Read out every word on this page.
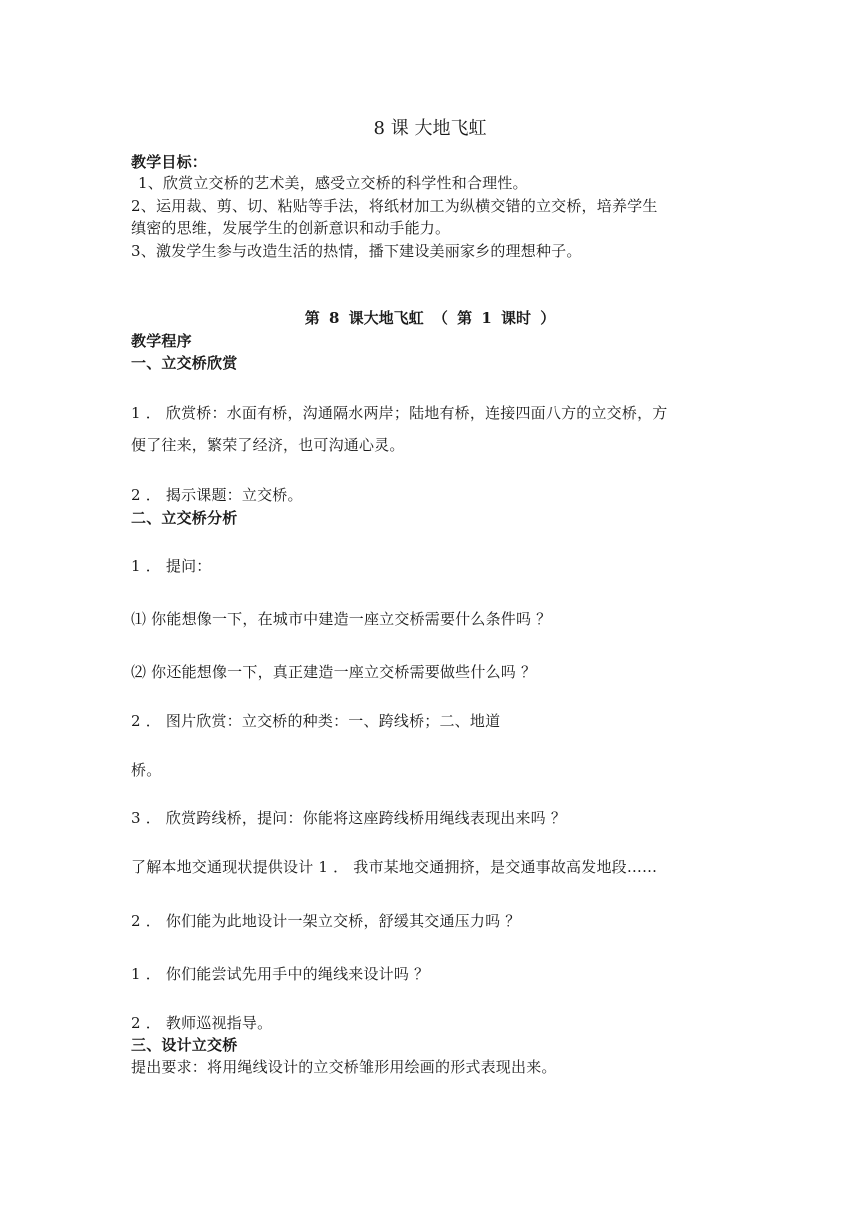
8 课 大地飞虹
教学目标：
1、欣赏立交桥的艺术美，感受立交桥的科学性和合理性。
2、运用裁、剪、切、粘贴等手法，将纸材加工为纵横交错的立交桥，培养学生
缜密的思维，发展学生的创新意识和动手能力。
3、激发学生参与改造生活的热情，播下建设美丽家乡的理想种子。
第 8 课大地飞虹 （ 第 1 课时 ）
教学程序
一、立交桥欣赏
1 ． 欣赏桥：水面有桥，沟通隔水两岸；陆地有桥，连接四面八方的立交桥，方
便了往来，繁荣了经济，也可沟通心灵。
2 ． 揭示课题：立交桥。
二、立交桥分析
1 ． 提问：
⑴ 你能想像一下，在城市中建造一座立交桥需要什么条件吗 ？
⑵ 你还能想像一下，真正建造一座立交桥需要做些什么吗 ？
2 ． 图片欣赏：立交桥的种类：一、跨线桥；二、地道
桥。
3 ． 欣赏跨线桥，提问：你能将这座跨线桥用绳线表现出来吗 ？
了解本地交通现状提供设计 1 ． 我市某地交通拥挤，是交通事故高发地段……
2 ． 你们能为此地设计一架立交桥，舒缓其交通压力吗 ？
1 ． 你们能尝试先用手中的绳线来设计吗 ？
2 ． 教师巡视指导。
三、设计立交桥
提出要求：将用绳线设计的立交桥雏形用绘画的形式表现出来。
